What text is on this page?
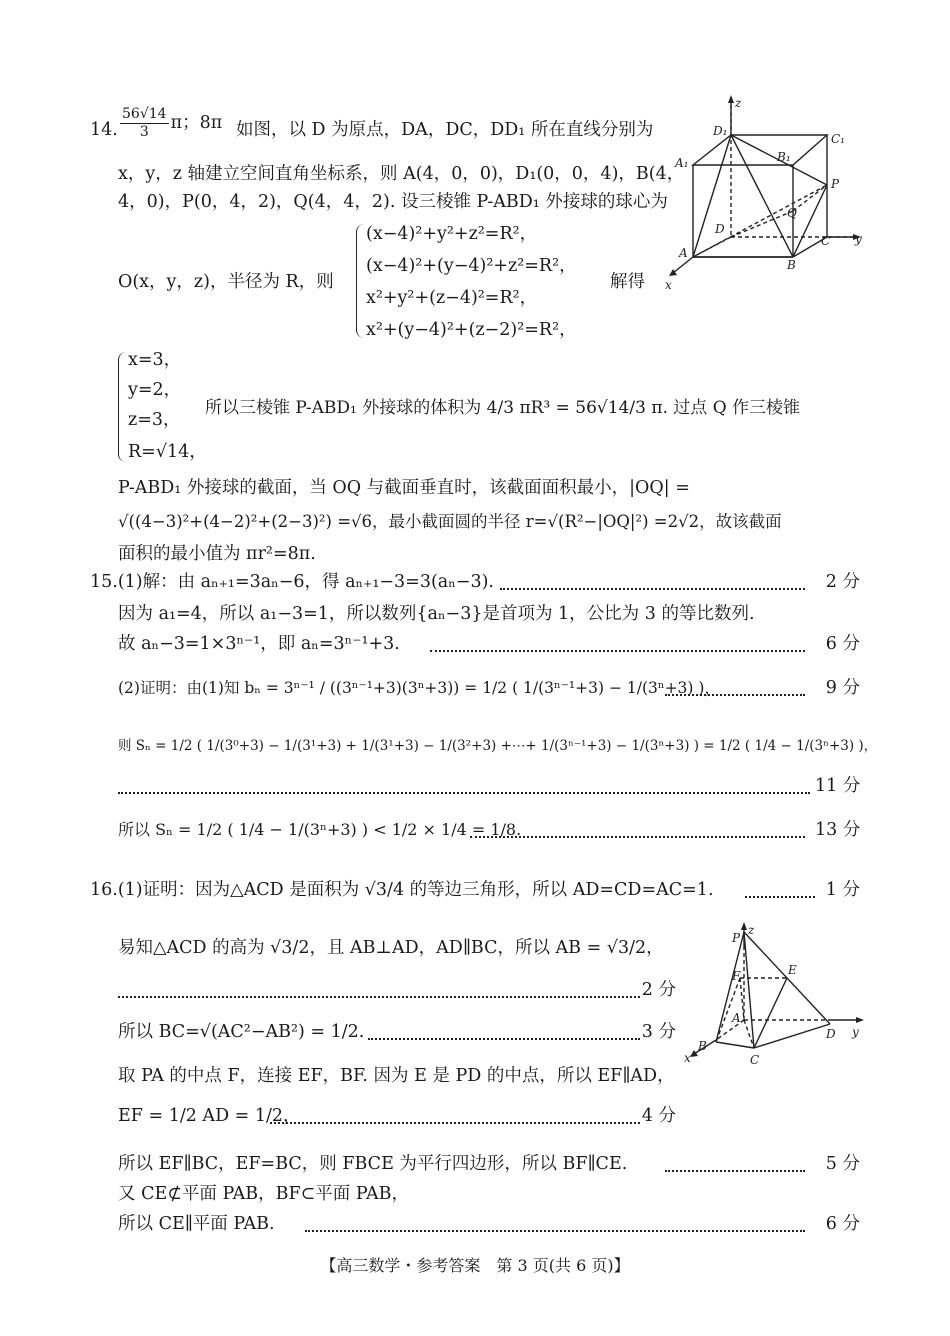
14. $\frac{56√14}{3}$ π；8π 如图，以 D 为原点，DA，DC，DD₁ 所在直线分别为
x，y，z 轴建立空间直角坐标系，则 A(4，0，0)，D₁(0，0，4)，B(4，
4，0)，P(0，4，2)，Q(4，4，2). 设三棱锥 P-ABD₁ 外接球的球心为
O(x，y，z)，半径为 R，则
(x−4)²+y²+z²=R²，
(x−4)²+(y−4)²+z²=R²，
x²+y²+(z−4)²=R²，
x²+(y−4)²+(z−2)²=R²，
解得
x=3，
y=2，
z=3，
R=√14，
所以三棱锥 P-ABD₁ 外接球的体积为 4/3 πR³ = 56√14/3 π. 过点 Q 作三棱锥
P-ABD₁ 外接球的截面，当 OQ 与截面垂直时，该截面面积最小，|OQ| =
√((4−3)²+(4−2)²+(2−3)²) =√6，最小截面圆的半径 r=√(R²−|OQ|²) =2√2，故该截面
面积的最小值为 πr²=8π.
z
D₁
C₁
A₁	B₁
P
Q
D
C y
A
B
x
15.(1)解：由 aₙ₊₁=3aₙ−6，得 aₙ₊₁−3=3(aₙ−3).	2 分
因为 a₁=4，所以 a₁−3=1，所以数列{aₙ−3}是首项为 1，公比为 3 的等比数列.
故 aₙ−3=1×3ⁿ⁻¹，即 aₙ=3ⁿ⁻¹+3.	6 分
(2)证明：由(1)知 bₙ = 3ⁿ⁻¹ / ((3ⁿ⁻¹+3)(3ⁿ+3)) = 1/2 ( 1/(3ⁿ⁻¹+3) − 1/(3ⁿ+3) )，	9 分
则 Sₙ = 1/2 ( 1/(3⁰+3) − 1/(3¹+3) + 1/(3¹+3) − 1/(3²+3) +⋯+ 1/(3ⁿ⁻¹+3) − 1/(3ⁿ+3) ) = 1/2 ( 1/4 − 1/(3ⁿ+3) )，
11 分
所以 Sₙ = 1/2 ( 1/4 − 1/(3ⁿ+3) ) < 1/2 × 1/4 = 1/8.	13 分
16.(1)证明：因为△ACD 是面积为 √3/4 的等边三角形，所以 AD=CD=AC=1.	1 分
易知△ACD 的高为 √3/2，且 AB⊥AD，AD∥BC，所以 AB = √3/2，
2 分
所以 BC=√(AC²−AB²) = 1/2.	3 分
取 PA 的中点 F，连接 EF，BF. 因为 E 是 PD 的中点，所以 EF∥AD，
EF = 1/2 AD = 1/2，	4 分
所以 EF∥BC，EF=BC，则 FBCE 为平行四边形，所以 BF∥CE.	5 分
又 CE⊄平面 PAB，BF⊂平面 PAB，
所以 CE∥平面 PAB.	6 分
P
z
E
F
A
D y
x
B
C
【高三数学・参考答案　第 3 页(共 6 页)】
